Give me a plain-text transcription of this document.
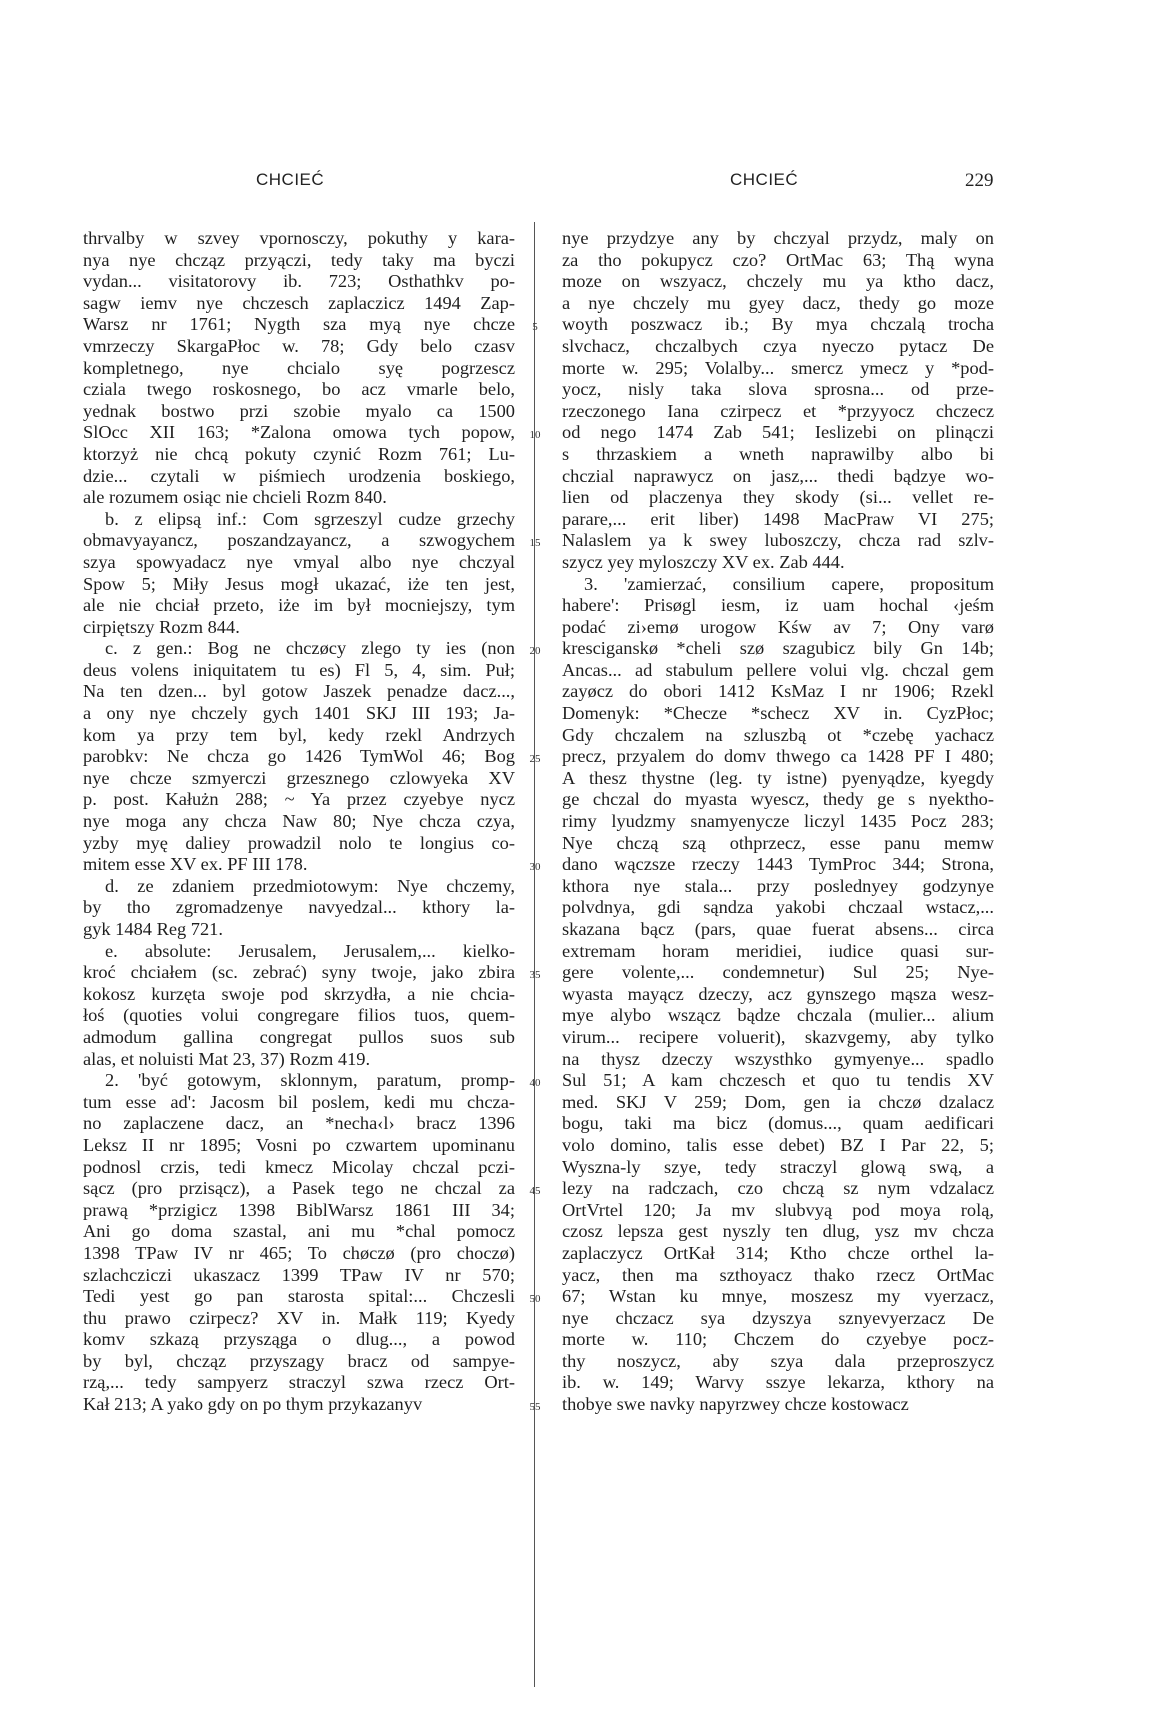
CHCIEĆ	CHCIEĆ	229
thrvalby w szvey vpornosczy, pokuthy y kara-
nya nye chcząz przyączi, tedy taky ma byczi
vydan... visitatorovy ib. 723; Osthathkv po-
sagw iemv nye chczesch zaplaczicz 1494 Zap-
Warsz nr 1761; Nygth sza myą nye chcze
vmrzeczy SkargaPłoc w. 78; Gdy belo czasv
kompletnego, nye chcialo syę pogrzescz
cziala twego roskosnego, bo acz vmarle belo,
yednak bostwo przi szobie myalo ca 1500
SlOcc XII 163; *Zalona omowa tych popow,
ktorzyż nie chcą pokuty czynić Rozm 761; Lu-
dzie... czytali w piśmiech urodzenia boskiego,
ale rozumem osiąc nie chcieli Rozm 840.
b. z elipsą inf.: Com sgrzeszyl cudze grzechy
obmavyayancz, poszandzayancz, a szwogychem
szya spowyadacz nye vmyal albo nye chczyal
Spow 5; Miły Jesus mogł ukazać, iże ten jest,
ale nie chciał przeto, iże im był mocniejszy, tym
cirpiętszy Rozm 844.
c. z gen.: Bog ne chczøcy zlego ty ies (non
deus volens iniquitatem tu es) Fl 5, 4, sim. Puł;
Na ten dzen... byl gotow Jaszek penadze dacz...,
a ony nye chczely gych 1401 SKJ III 193; Ja-
kom ya przy tem byl, kedy rzekl Andrzych
parobkv: Ne chcza go 1426 TymWol 46; Bog
nye chcze szmyerczi grzesznego czlowyeka XV
p. post. Kałużn 288; ~ Ya przez czyebye nycz
nye moga any chcza Naw 80; Nye chcza czya,
yzby myę daliey prowadzil nolo te longius co-
mitem esse XV ex. PF III 178.
d. ze zdaniem przedmiotowym: Nye chczemy,
by tho zgromadzenye navyedzal... kthory la-
gyk 1484 Reg 721.
e. absolute: Jerusalem, Jerusalem,... kielko-
kroć chciałem (sc. zebrać) syny twoje, jako zbira
kokosz kurzęta swoje pod skrzydła, a nie chcia-
łoś (quoties volui congregare filios tuos, quem-
admodum gallina congregat pullos suos sub
alas, et noluisti Mat 23, 37) Rozm 419.
2. 'być gotowym, sklonnym, paratum, promp-
tum esse ad': Jacosm bil poslem, kedi mu chcza-
no zaplaczene dacz, an *necha‹l› bracz 1396
Leksz II nr 1895; Vosni po czwartem upominanu
podnosl crzis, tedi kmecz Micolay chczal pczi-
sącz (pro przisącz), a Pasek tego ne chczal za
prawą *przigicz 1398 BiblWarsz 1861 III 34;
Ani go doma szastal, ani mu *chal pomocz
1398 TPaw IV nr 465; To chøczø (pro choczø)
szlachcziczi ukaszacz 1399 TPaw IV nr 570;
Tedi yest go pan starosta spital:... Chczesli
thu prawo czirpecz? XV in. Małk 119; Kyedy
komv szkazą przysząga o dlug..., a powod
by byl, chcząz przyszagy bracz od sampye-
rzą,... tedy sampyerz straczyl szwa rzecz Ort-
Kał 213; A yako gdy on po thym przykazanyv
5
10
15
20
25
30
35
40
45
50
55
nye przydzye any by chczyal przydz, maly on
za tho pokupycz czo? OrtMac 63; Thą wyna
moze on wszyacz, chczely mu ya ktho dacz,
a nye chczely mu gyey dacz, thedy go moze
woyth poszwacz ib.; By mya chczalą trocha
slvchacz, chczalbych czya nyeczo pytacz De
morte w. 295; Volalby... smercz ymecz y *pod-
yocz, nisly taka slova sprosna... od prze-
rzeczonego Iana czirpecz et *przyyocz chczecz
od nego 1474 Zab 541; Ieslizebi on plinączi
s thrzaskiem a wneth naprawilby albo bi
chczial naprawycz on jasz,... thedi bądzye wo-
lien od placzenya they skody (si... vellet re-
parare,... erit liber) 1498 MacPraw VI 275;
Nalaslem ya k swey luboszczy, chcza rad szlv-
szycz yey myloszczy XV ex. Zab 444.
3. 'zamierzać, consilium capere, propositum
habere': Prisøgl iesm, iz uam hochal ‹jeśm
podać zi›emø urogow Kśw av 7; Ony varø
kresciganskø *cheli szø szagubicz bily Gn 14b;
Ancas... ad stabulum pellere volui vlg. chczal gem
zayøcz do obori 1412 KsMaz I nr 1906; Rzekl
Domenyk: *Checze *schecz XV in. CyzPłoc;
Gdy chczalem na szluszbą ot *czebę yachacz
precz, przyalem do domv thwego ca 1428 PF I 480;
A thesz thystne (leg. ty istne) pyenyądze, kyegdy
ge chczal do myasta wyescz, thedy ge s nyektho-
rimy lyudzmy snamyenycze liczyl 1435 Pocz 283;
Nye chczą szą othprzecz, esse panu memw
dano wączsze rzeczy 1443 TymProc 344; Strona,
kthora nye stala... przy poslednyey godzynye
polvdnya, gdi sąndza yakobi chczaal wstacz,...
skazana bącz (pars, quae fuerat absens... circa
extremam horam meridiei, iudice quasi sur-
gere volente,... condemnetur) Sul 25; Nye-
wyasta mayącz dzeczy, acz gynszego mąsza wesz-
mye alybo wszącz bądze chczala (mulier... alium
virum... recipere voluerit), skazvgemy, aby tylko
na thysz dzeczy wszysthko gymyenye... spadlo
Sul 51; A kam chczesch et quo tu tendis XV
med. SKJ V 259; Dom, gen ia chczø dzalacz
bogu, taki ma bicz (domus..., quam aedificari
volo domino, talis esse debet) BZ I Par 22, 5;
Wyszna-ly szye, tedy straczyl glową swą, a
lezy na radczach, czo chczą sz nym vdzalacz
OrtVrtel 120; Ja mv slubvyą pod moya rolą,
czosz lepsza gest nyszly ten dlug, ysz mv chcza
zaplaczycz OrtKał 314; Ktho chcze orthel la-
yacz, then ma szthoyacz thako rzecz OrtMac
67; Wstan ku mnye, moszesz my vyerzacz,
nye chczacz sya dzyszya sznyevyerzacz De
morte w. 110; Chczem do czyebye pocz-
thy noszycz, aby szya dala przeproszycz
ib. w. 149; Warvy sszye lekarza, kthory na
thobye swe navky napyrzwey chcze kostowacz
